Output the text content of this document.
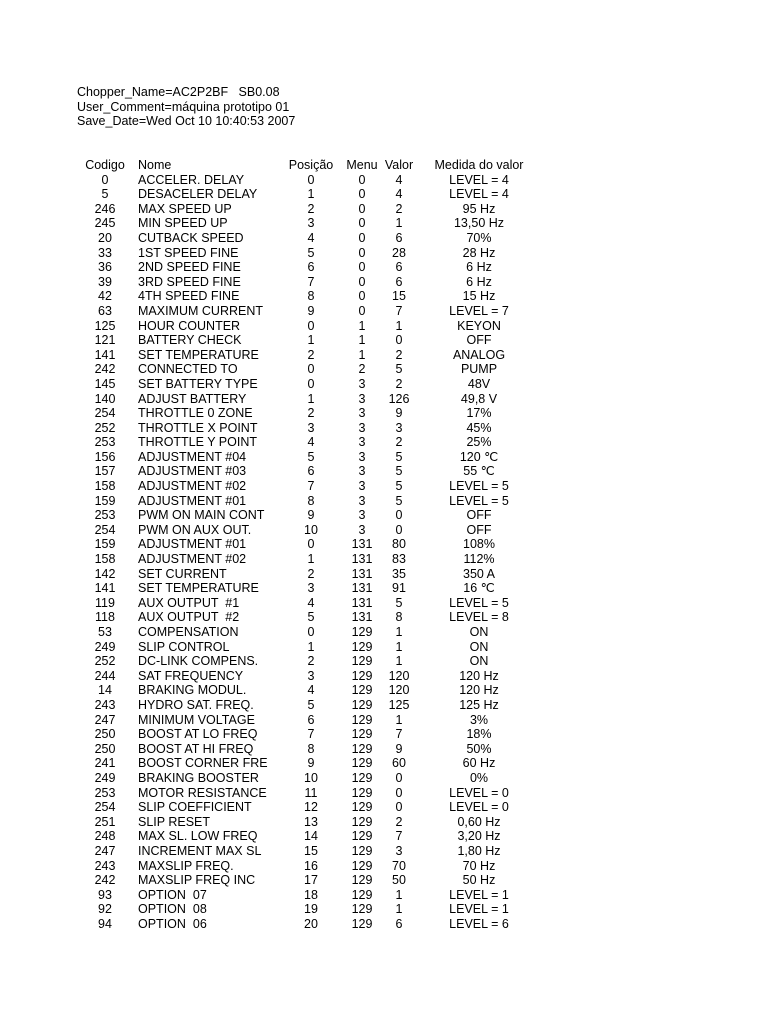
Chopper_Name=AC2P2BF   SB0.08
User_Comment=máquina prototipo 01
Save_Date=Wed Oct 10 10:40:53 2007
Codigo	Nome	Posição	Menu	Valor	Medida do valor
0	ACCELER. DELAY	0	0	4	LEVEL = 4
5	DESACELER DELAY	1	0	4	LEVEL = 4
246	MAX SPEED UP	2	0	2	95 Hz
245	MIN SPEED UP	3	0	1	13,50 Hz
20	CUTBACK SPEED	4	0	6	70%
33	1ST SPEED FINE	5	0	28	28 Hz
36	2ND SPEED FINE	6	0	6	6 Hz
39	3RD SPEED FINE	7	0	6	6 Hz
42	4TH SPEED FINE	8	0	15	15 Hz
63	MAXIMUM CURRENT	9	0	7	LEVEL = 7
125	HOUR COUNTER	0	1	1	KEYON
121	BATTERY CHECK	1	1	0	OFF
141	SET TEMPERATURE	2	1	2	ANALOG
242	CONNECTED TO	0	2	5	PUMP
145	SET BATTERY TYPE	0	3	2	48V
140	ADJUST BATTERY	1	3	126	49,8 V
254	THROTTLE 0 ZONE	2	3	9	17%
252	THROTTLE X POINT	3	3	3	45%
253	THROTTLE Y POINT	4	3	2	25%
156	ADJUSTMENT #04	5	3	5	120 ℃
157	ADJUSTMENT #03	6	3	5	55 ℃
158	ADJUSTMENT #02	7	3	5	LEVEL = 5
159	ADJUSTMENT #01	8	3	5	LEVEL = 5
253	PWM ON MAIN CONT	9	3	0	OFF
254	PWM ON AUX OUT.	10	3	0	OFF
159	ADJUSTMENT #01	0	131	80	108%
158	ADJUSTMENT #02	1	131	83	112%
142	SET CURRENT	2	131	35	350 A
141	SET TEMPERATURE	3	131	91	16 ℃
119	AUX OUTPUT  #1	4	131	5	LEVEL = 5
118	AUX OUTPUT  #2	5	131	8	LEVEL = 8
53	COMPENSATION	0	129	1	ON
249	SLIP CONTROL	1	129	1	ON
252	DC-LINK COMPENS.	2	129	1	ON
244	SAT FREQUENCY	3	129	120	120 Hz
14	BRAKING MODUL.	4	129	120	120 Hz
243	HYDRO SAT. FREQ.	5	129	125	125 Hz
247	MINIMUM VOLTAGE	6	129	1	3%
250	BOOST AT LO FREQ	7	129	7	18%
250	BOOST AT HI FREQ	8	129	9	50%
241	BOOST CORNER FRE	9	129	60	60 Hz
249	BRAKING BOOSTER	10	129	0	0%
253	MOTOR RESISTANCE	11	129	0	LEVEL = 0
254	SLIP COEFFICIENT	12	129	0	LEVEL = 0
251	SLIP RESET	13	129	2	0,60 Hz
248	MAX SL. LOW FREQ	14	129	7	3,20 Hz
247	INCREMENT MAX SL	15	129	3	1,80 Hz
243	MAXSLIP FREQ.	16	129	70	70 Hz
242	MAXSLIP FREQ INC	17	129	50	50 Hz
93	OPTION  07	18	129	1	LEVEL = 1
92	OPTION  08	19	129	1	LEVEL = 1
94	OPTION  06	20	129	6	LEVEL = 6
